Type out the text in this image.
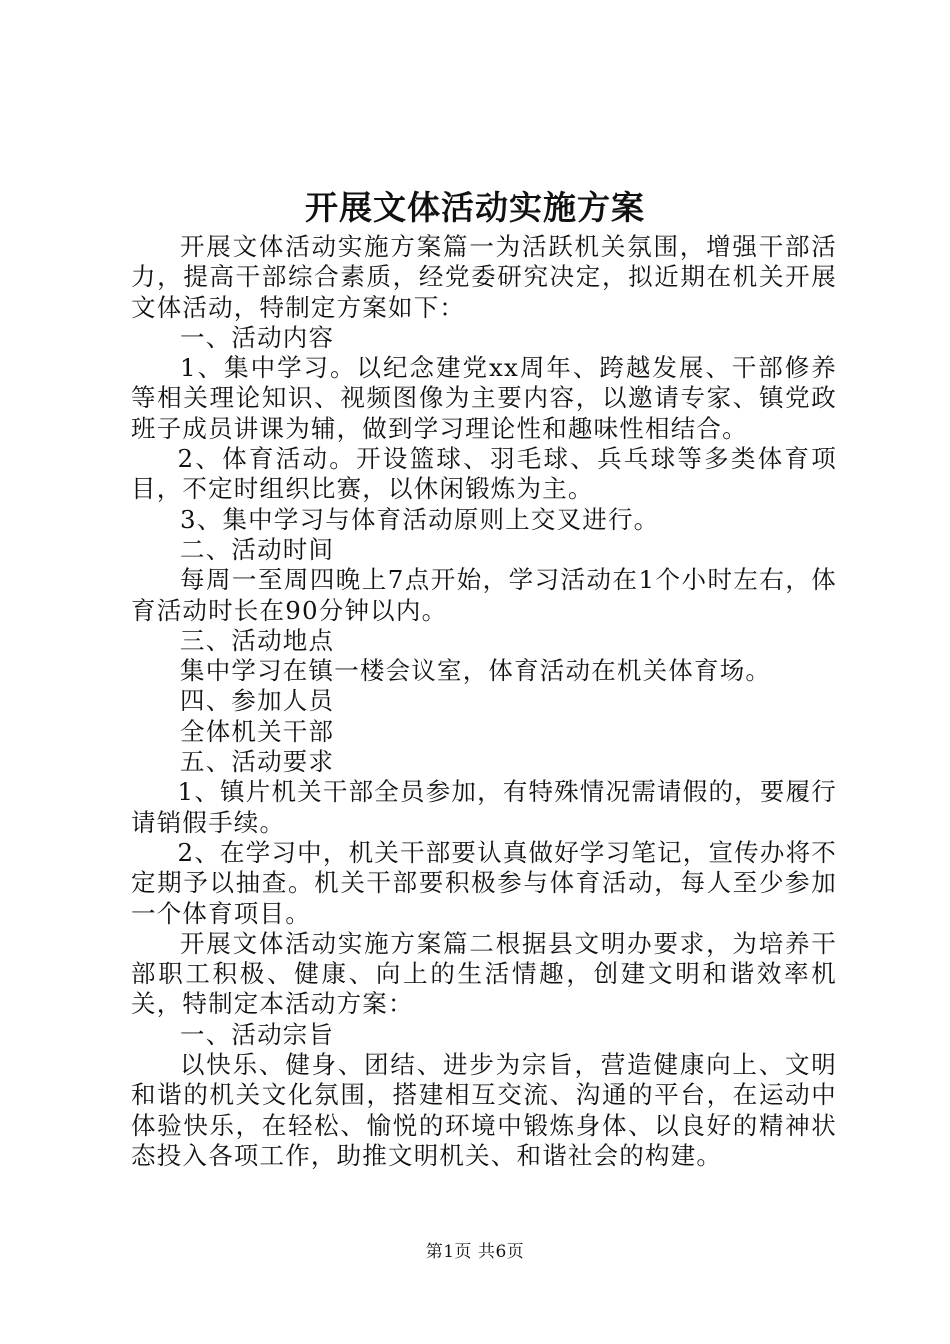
开展文体活动实施方案

开展文体活动实施方案篇一为活跃机关氛围，增强干部活力，提高干部综合素质，经党委研究决定，拟近期在机关开展文体活动，特制定方案如下：

一、活动内容

1、集中学习。以纪念建党xx周年、跨越发展、干部修养等相关理论知识、视频图像为主要内容，以邀请专家、镇党政班子成员讲课为辅，做到学习理论性和趣味性相结合。

2、体育活动。开设篮球、羽毛球、兵乓球等多类体育项目，不定时组织比赛，以休闲锻炼为主。

3、集中学习与体育活动原则上交叉进行。

二、活动时间

每周一至周四晚上7点开始，学习活动在1个小时左右，体育活动时长在90分钟以内。

三、活动地点

集中学习在镇一楼会议室，体育活动在机关体育场。

四、参加人员

全体机关干部

五、活动要求

1、镇片机关干部全员参加，有特殊情况需请假的，要履行请销假手续。

2、在学习中，机关干部要认真做好学习笔记，宣传办将不定期予以抽查。机关干部要积极参与体育活动，每人至少参加一个体育项目。

开展文体活动实施方案篇二根据县文明办要求，为培养干部职工积极、健康、向上的生活情趣，创建文明和谐效率机关，特制定本活动方案：

一、活动宗旨

以快乐、健身、团结、进步为宗旨，营造健康向上、文明和谐的机关文化氛围，搭建相互交流、沟通的平台，在运动中体验快乐，在轻松、愉悦的环境中锻炼身体、以良好的精神状态投入各项工作，助推文明机关、和谐社会的构建。

第1页 共6页
